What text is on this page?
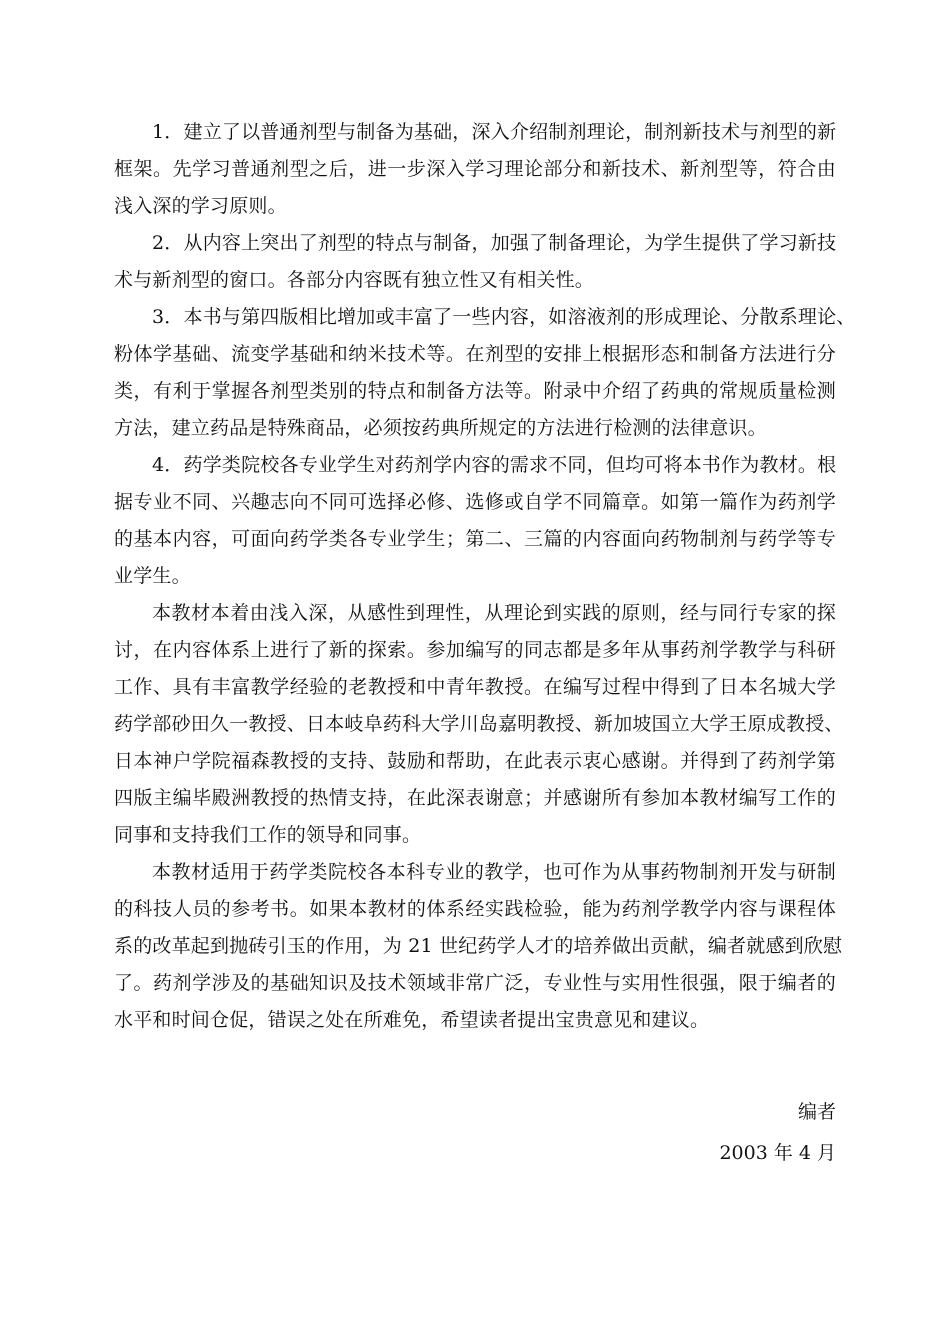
1．建立了以普通剂型与制备为基础，深入介绍制剂理论，制剂新技术与剂型的新
框架。先学习普通剂型之后，进一步深入学习理论部分和新技术、新剂型等，符合由
浅入深的学习原则。
2．从内容上突出了剂型的特点与制备，加强了制备理论，为学生提供了学习新技
术与新剂型的窗口。各部分内容既有独立性又有相关性。
3．本书与第四版相比增加或丰富了一些内容，如溶液剂的形成理论、分散系理论、
粉体学基础、流变学基础和纳米技术等。在剂型的安排上根据形态和制备方法进行分
类，有利于掌握各剂型类别的特点和制备方法等。附录中介绍了药典的常规质量检测
方法，建立药品是特殊商品，必须按药典所规定的方法进行检测的法律意识。
4．药学类院校各专业学生对药剂学内容的需求不同，但均可将本书作为教材。根
据专业不同、兴趣志向不同可选择必修、选修或自学不同篇章。如第一篇作为药剂学
的基本内容，可面向药学类各专业学生；第二、三篇的内容面向药物制剂与药学等专
业学生。
本教材本着由浅入深，从感性到理性，从理论到实践的原则，经与同行专家的探
讨，在内容体系上进行了新的探索。参加编写的同志都是多年从事药剂学教学与科研
工作、具有丰富教学经验的老教授和中青年教授。在编写过程中得到了日本名城大学
药学部砂田久一教授、日本岐阜药科大学川岛嘉明教授、新加坡国立大学王原成教授、
日本神户学院福森教授的支持、鼓励和帮助，在此表示衷心感谢。并得到了药剂学第
四版主编毕殿洲教授的热情支持，在此深表谢意；并感谢所有参加本教材编写工作的
同事和支持我们工作的领导和同事。
本教材适用于药学类院校各本科专业的教学，也可作为从事药物制剂开发与研制
的科技人员的参考书。如果本教材的体系经实践检验，能为药剂学教学内容与课程体
系的改革起到抛砖引玉的作用，为 21 世纪药学人才的培养做出贡献，编者就感到欣慰
了。药剂学涉及的基础知识及技术领域非常广泛，专业性与实用性很强，限于编者的
水平和时间仓促，错误之处在所难免，希望读者提出宝贵意见和建议。
编者
2003 年 4 月
